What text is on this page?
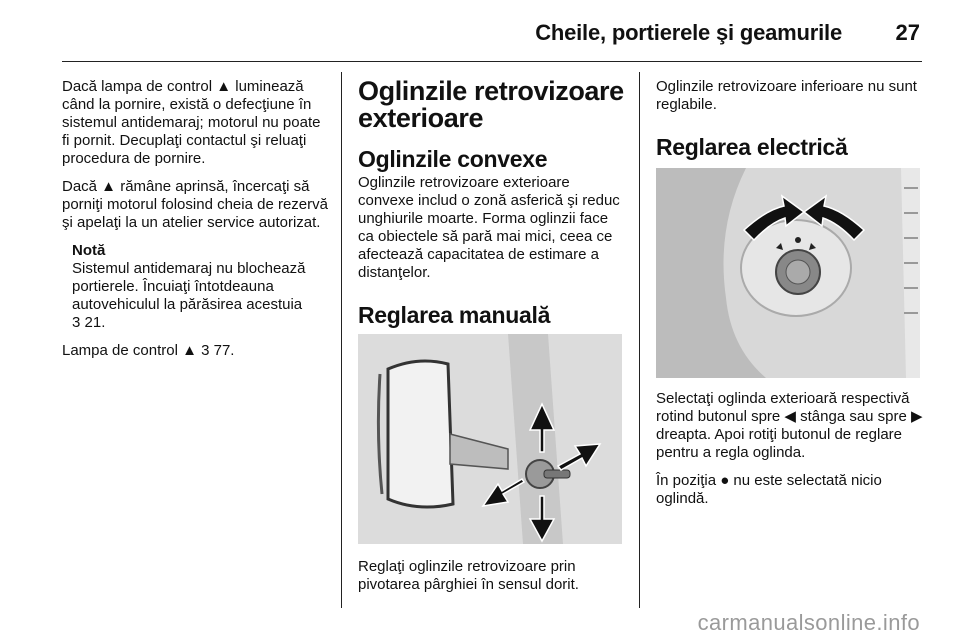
Cheile, portierele şi geamurile 27

Dacă lampa de control ▲ luminează când la pornire, există o defecţiune în sistemul antidemaraj; motorul nu poate fi pornit. Decuplaţi contactul şi reluaţi procedura de pornire.

Dacă ▲ rămâne aprinsă, încercaţi să porniţi motorul folosind cheia de rezervă şi apelaţi la un atelier service autorizat.

Notă
Sistemul antidemaraj nu blochează portierele. Încuiaţi întotdeauna autovehiculul la părăsirea acestuia
3 21.

Lampa de control ▲ 3 77.

Oglinzile retrovizoare exterioare
Oglinzile convexe

Oglinzile retrovizoare exterioare convexe includ o zonă asferică şi reduc unghiurile moarte. Forma oglinzii face ca obiectele să pară mai mici, ceea ce afectează capacitatea de estimare a distanţelor.

Reglarea manuală

Reglaţi oglinzile retrovizoare prin pivotarea pârghiei în sensul dorit.

Oglinzile retrovizoare inferioare nu sunt reglabile.

Reglarea electrică

Selectaţi oglinda exterioară respectivă rotind butonul spre ◀ stânga sau spre ▶ dreapta. Apoi rotiţi butonul de reglare pentru a regla oglinda.

În poziţia ● nu este selectată nicio oglindă.

carmanualsonline.info
